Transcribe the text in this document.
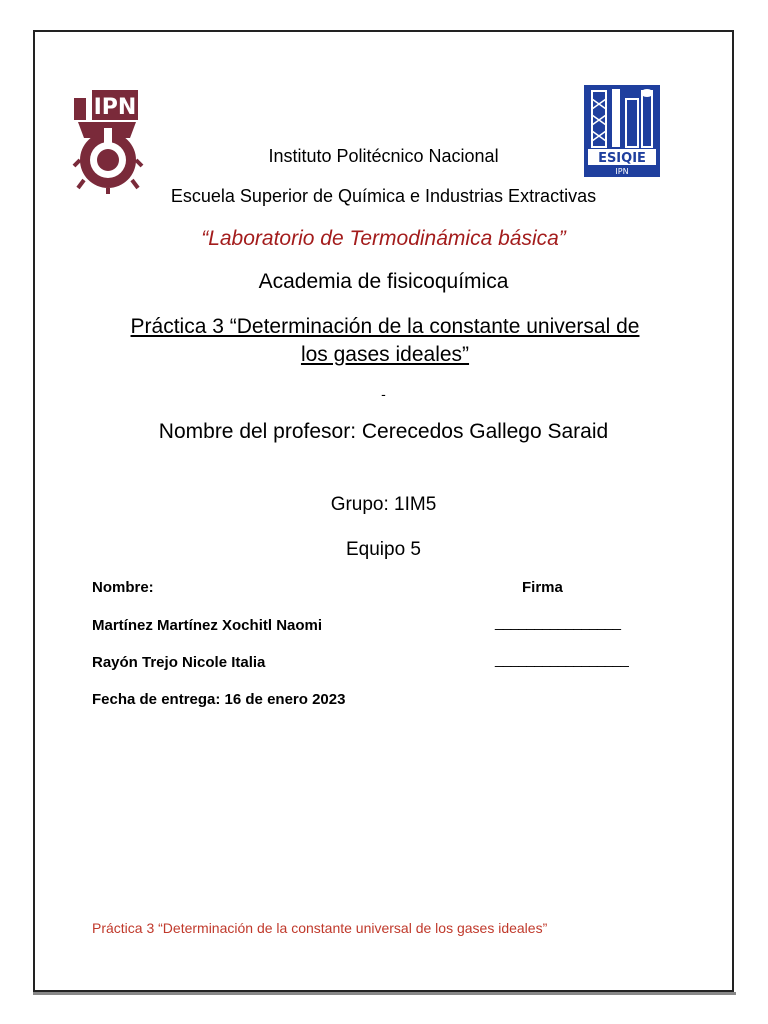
IPN
ESIQIE
IPN
Instituto Politécnico Nacional
Escuela Superior de Química e Industrias Extractivas
“Laboratorio de Termodinámica básica”
Academia de fisicoquímica
Práctica 3 “Determinación de la constante universal de
los gases ideales”
-
Nombre del profesor: Cerecedos Gallego Saraid
Grupo: 1IM5
Equipo 5
Nombre:	Firma
Martínez Martínez Xochitl Naomi	________________
Rayón Trejo Nicole Italia	_________________
Fecha de entrega: 16 de enero 2023
Práctica 3 “Determinación de la constante universal de los gases ideales”
